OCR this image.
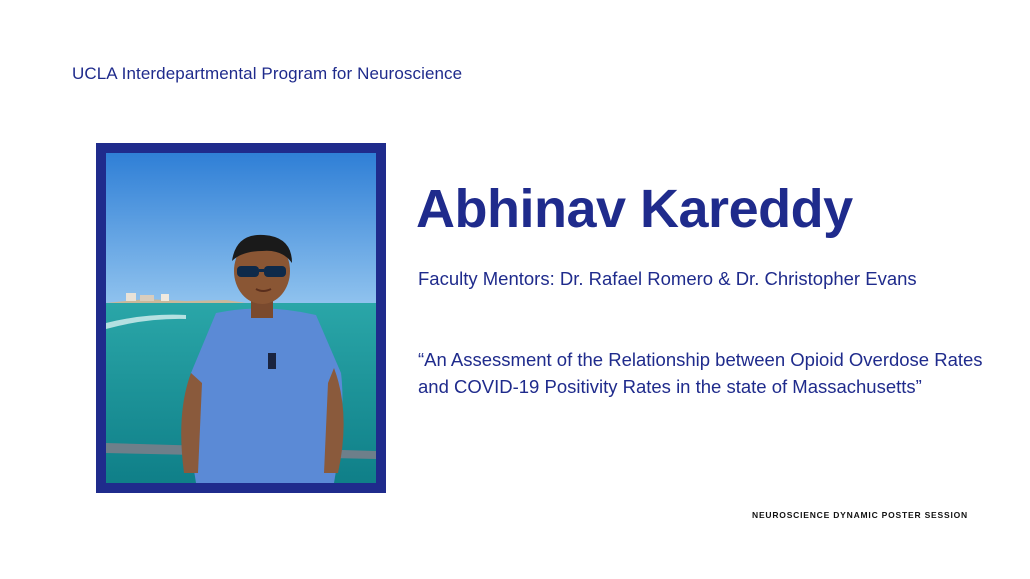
UCLA Interdepartmental Program for Neuroscience
Abhinav Kareddy
Faculty Mentors: Dr. Rafael Romero & Dr. Christopher Evans
“An Assessment of the Relationship between Opioid Overdose Rates and COVID-19 Positivity Rates in the state of Massachusetts”
NEUROSCIENCE DYNAMIC POSTER SESSION
